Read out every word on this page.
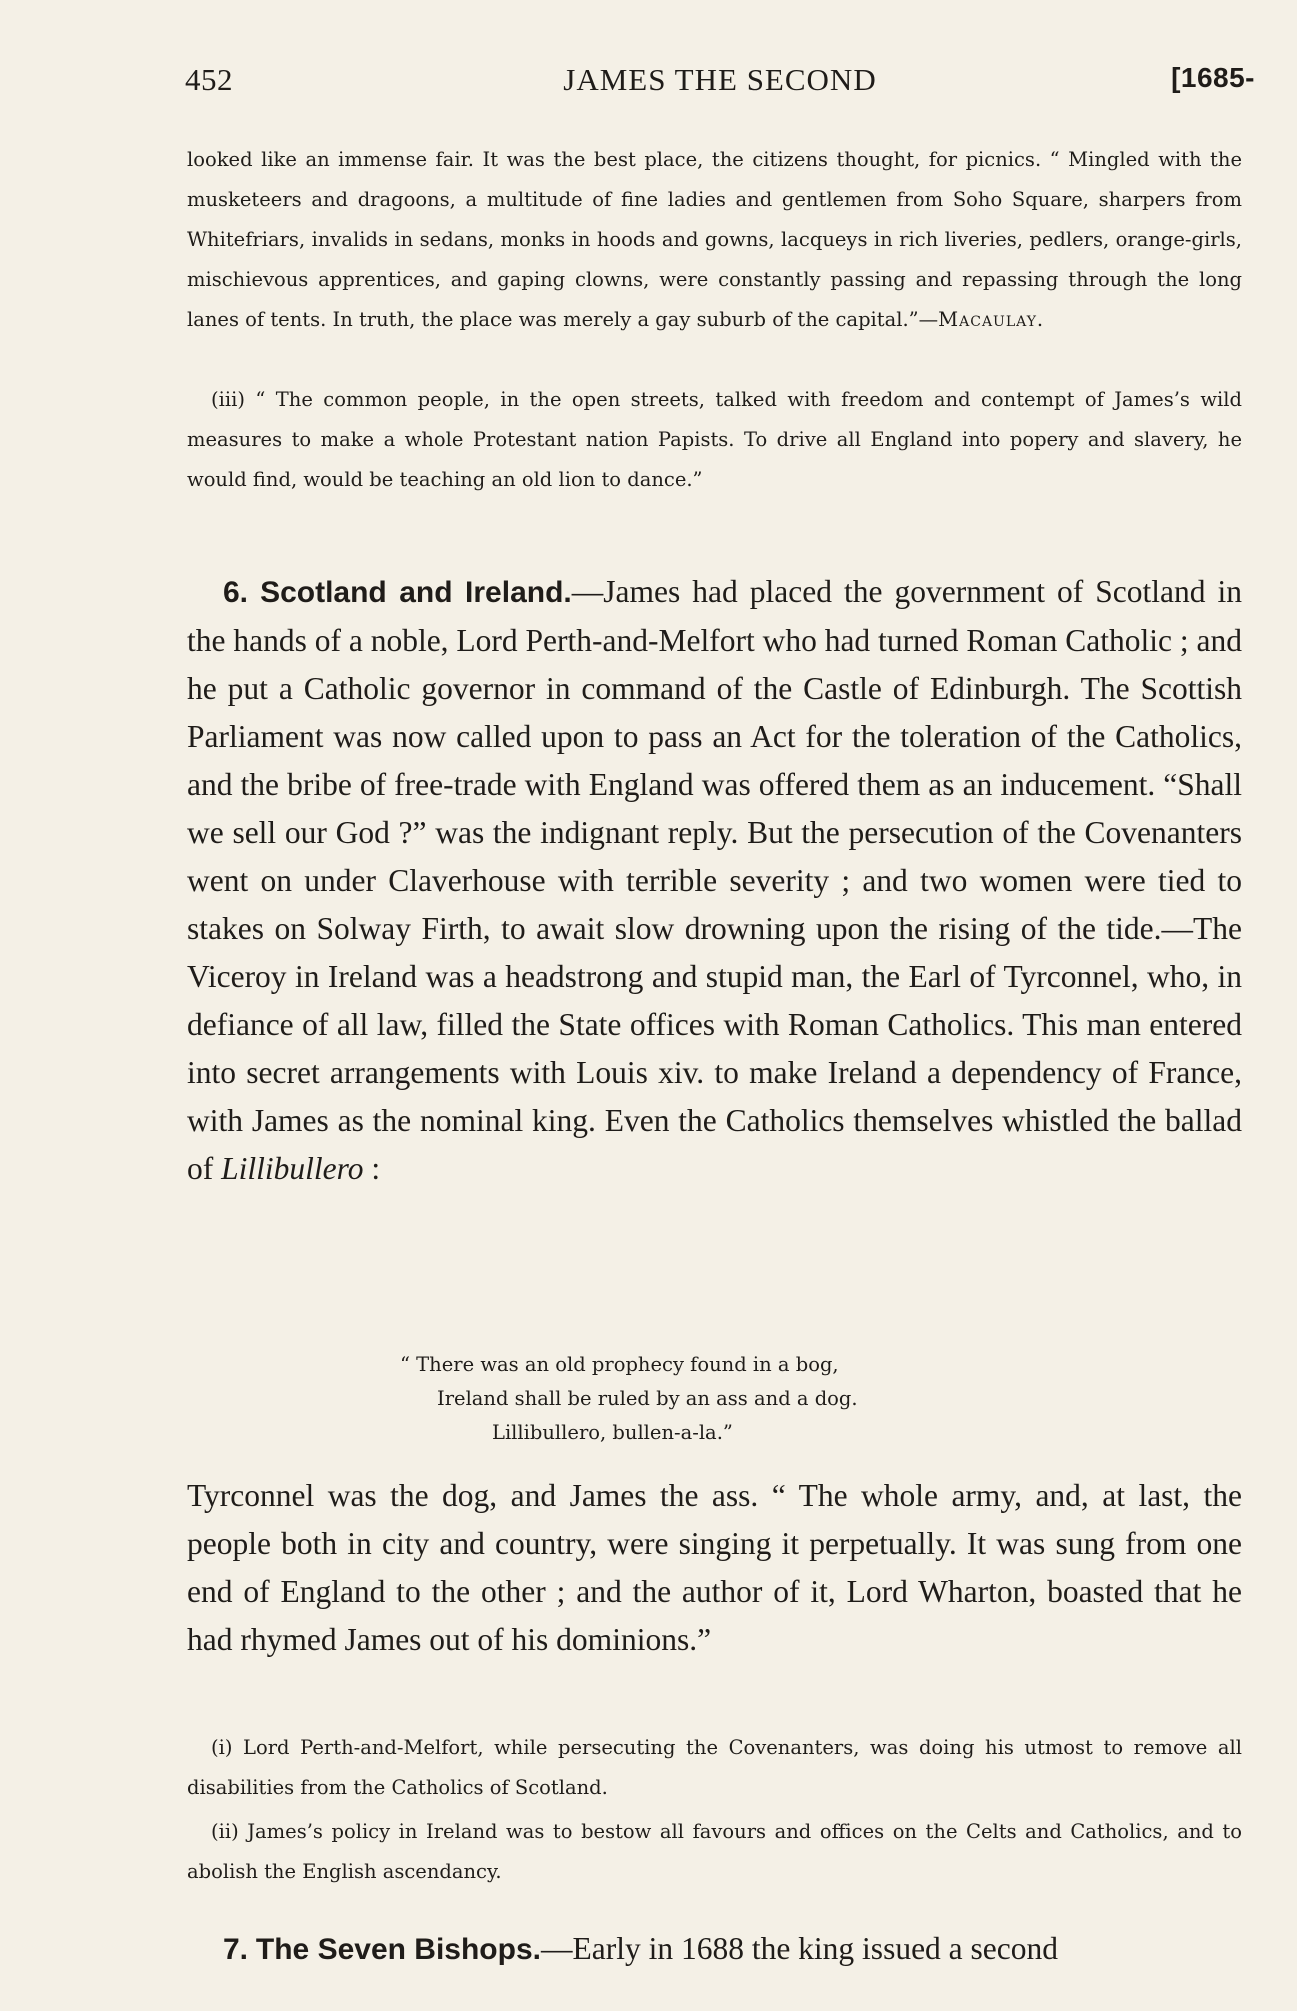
452	JAMES THE SECOND	[1685-

looked like an immense fair. It was the best place, the citizens thought, for picnics. “ Mingled with the musketeers and dragoons, a multitude of fine ladies and gentlemen from Soho Square, sharpers from Whitefriars, invalids in sedans, monks in hoods and gowns, lacqueys in rich liveries, pedlers, orange-girls, mischievous apprentices, and gaping clowns, were constantly passing and repassing through the long lanes of tents. In truth, the place was merely a gay suburb of the capital.”—Macaulay.

(iii) “ The common people, in the open streets, talked with freedom and contempt of James’s wild measures to make a whole Protestant nation Papists. To drive all England into popery and slavery, he would find, would be teaching an old lion to dance.”

6. Scotland and Ireland.—James had placed the government of Scotland in the hands of a noble, Lord Perth-and-Melfort who had turned Roman Catholic ; and he put a Catholic governor in command of the Castle of Edinburgh. The Scottish Parliament was now called upon to pass an Act for the toleration of the Catholics, and the bribe of free-trade with England was offered them as an inducement. “Shall we sell our God ?” was the indignant reply. But the persecution of the Covenanters went on under Claverhouse with terrible severity ; and two women were tied to stakes on Solway Firth, to await slow drowning upon the rising of the tide.—The Viceroy in Ireland was a headstrong and stupid man, the Earl of Tyrconnel, who, in defiance of all law, filled the State offices with Roman Catholics. This man entered into secret arrangements with Louis xiv. to make Ireland a dependency of France, with James as the nominal king. Even the Catholics themselves whistled the ballad of Lillibullero :

“ There was an old prophecy found in a bog,
Ireland shall be ruled by an ass and a dog.
Lillibullero, bullen-a-la.”

Tyrconnel was the dog, and James the ass. “ The whole army, and, at last, the people both in city and country, were singing it perpetually. It was sung from one end of England to the other ; and the author of it, Lord Wharton, boasted that he had rhymed James out of his dominions.”

(i) Lord Perth-and-Melfort, while persecuting the Covenanters, was doing his utmost to remove all disabilities from the Catholics of Scotland.

(ii) James’s policy in Ireland was to bestow all favours and offices on the Celts and Catholics, and to abolish the English ascendancy.

7. The Seven Bishops.—Early in 1688 the king issued a second
